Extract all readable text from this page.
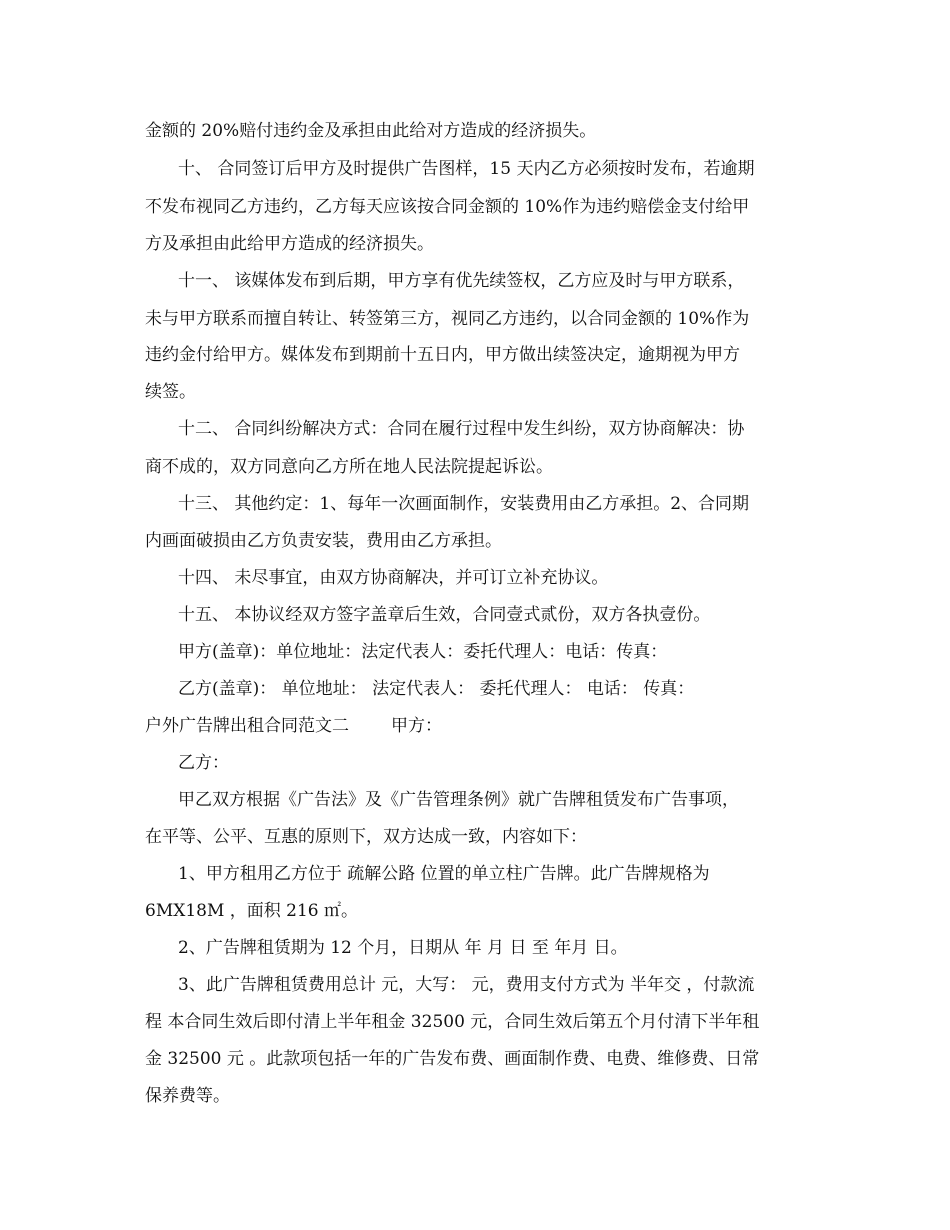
金额的 20%赔付违约金及承担由此给对方造成的经济损失。
十、 合同签订后甲方及时提供广告图样，15 天内乙方必须按时发布，若逾期
不发布视同乙方违约，乙方每天应该按合同金额的 10%作为违约赔偿金支付给甲
方及承担由此给甲方造成的经济损失。
十一、 该媒体发布到后期，甲方享有优先续签权，乙方应及时与甲方联系，
未与甲方联系而擅自转让、转签第三方，视同乙方违约，以合同金额的 10%作为
违约金付给甲方。媒体发布到期前十五日内，甲方做出续签决定，逾期视为甲方
续签。
十二、 合同纠纷解决方式：合同在履行过程中发生纠纷，双方协商解决：协
商不成的，双方同意向乙方所在地人民法院提起诉讼。
十三、 其他约定：1、每年一次画面制作，安装费用由乙方承担。2、合同期
内画面破损由乙方负责安装，费用由乙方承担。
十四、 未尽事宜，由双方协商解决，并可订立补充协议。
十五、 本协议经双方签字盖章后生效，合同壹式贰份，双方各执壹份。
甲方(盖章)：单位地址：法定代表人：委托代理人：电话：传真：
乙方(盖章)： 单位地址： 法定代表人： 委托代理人： 电话： 传真：
户外广告牌出租合同范文二 甲方：
乙方：
甲乙双方根据《广告法》及《广告管理条例》就广告牌租赁发布广告事项，
在平等、公平、互惠的原则下，双方达成一致，内容如下：
1、甲方租用乙方位于 疏解公路 位置的单立柱广告牌。此广告牌规格为
6MX18M ，面积 216 ㎡。
2、广告牌租赁期为 12 个月，日期从 年 月 日 至 年月 日。
3、此广告牌租赁费用总计 元，大写： 元，费用支付方式为 半年交 ，付款流
程 本合同生效后即付清上半年租金 32500 元，合同生效后第五个月付清下半年租
金 32500 元 。此款项包括一年的广告发布费、画面制作费、电费、维修费、日常
保养费等。
